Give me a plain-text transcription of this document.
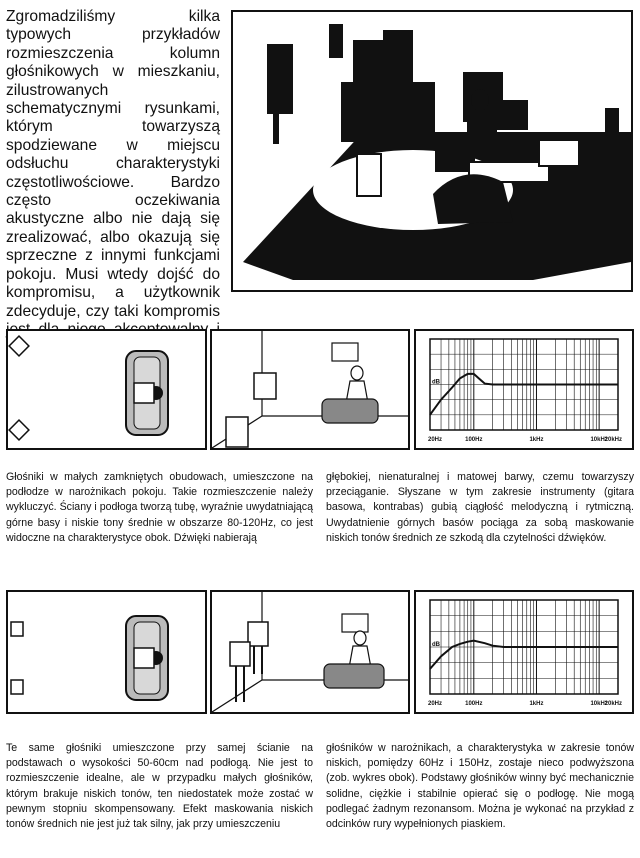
Zgromadziliśmy kilka typowych przykładów rozmieszczenia kolumn głośnikowych w mieszkaniu, zilustrowanych schematycznymi rysunkami, którym towarzyszą spodziewane w miejscu odsłuchu charakterystyki częstotliwościowe. Bardzo często oczekiwania akustyczne albo nie dają się zrealizować, albo okazują się sprzeczne z innymi funkcjami pokoju. Musi wtedy dojść do kompromisu, a użytkownik zdecyduje, czy taki kompromis
dB
20Hz	100Hz	1kHz	10kHz
20kHz
Głośniki w małych zamkniętych obudowach, umieszczone na podłodze w narożnikach pokoju. Takie rozmieszczenie należy wykluczyć. Ściany i podłoga tworzą tubę, wyraźnie uwydatniającą górne basy i niskie tony średnie w obszarze 80-120Hz, co jest widoczne na charakterystyce obok. Dźwięki nabierają
głębokiej, nienaturalnej i matowej barwy, czemu towarzyszy przeciąganie. Słyszane w tym zakresie instrumenty (gitara basowa, kontrabas) gubią ciągłość melodyczną i rytmiczną. Uwydatnienie górnych basów pociąga za sobą maskowanie niskich tonów średnich ze szkodą dla czytelności dźwięków.
dB
20Hz	100Hz	1kHz	10kHz
20kHz
Te same głośniki umieszczone przy samej ścianie na podstawach o wysokości 50-60cm nad podłogą. Nie jest to rozmieszczenie idealne, ale w przypadku małych głośników, którym brakuje niskich tonów, ten niedostatek może zostać w pewnym stopniu skompensowany. Efekt maskowania niskich tonów średnich nie jest już tak silny, jak przy umieszczeniu
głośników w narożnikach, a charakterystyka w zakresie tonów niskich, pomiędzy 60Hz i 150Hz, zostaje nieco podwyższona (zob. wykres obok). Podstawy głośników winny być mechanicznie solidne, ciężkie i stabilnie opierać się o podłogę. Nie mogą podlegać żadnym rezonansom. Można je wykonać na przykład z odcinków rury wypełnionych piaskiem.
